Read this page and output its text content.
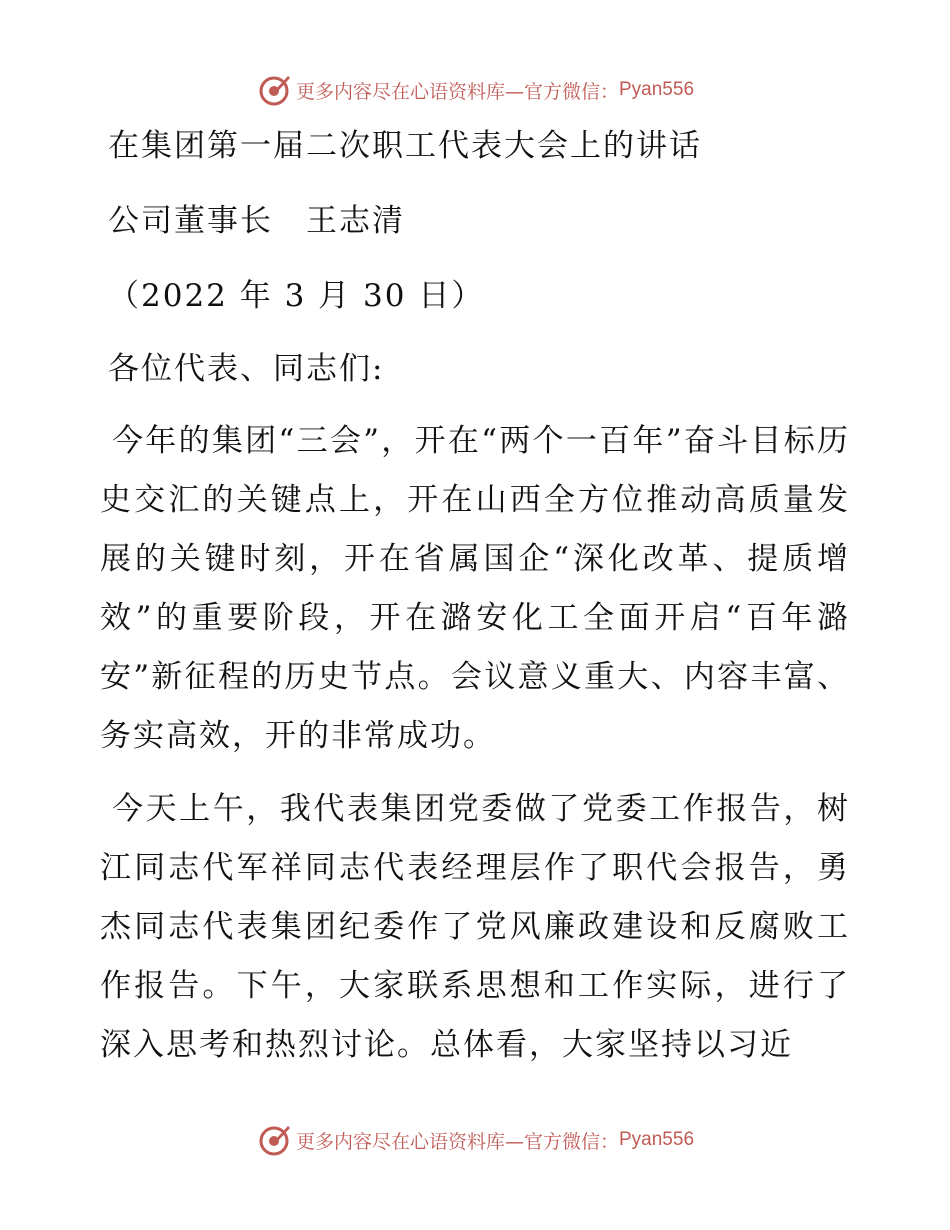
更多内容尽在心语资料库—官方微信： Pyan556
在集团第一届二次职工代表大会上的讲话
公司董事长　王志清
（2022 年 3 月 30 日）
各位代表、同志们:

今年的集团“三会”，开在“两个一百年”奋斗目标历史交汇的关键点上，开在山西全方位推动高质量发展的关键时刻，开在省属国企“深化改革、提质增效”的重要阶段，开在潞安化工全面开启“百年潞安”新征程的历史节点。会议意义重大、内容丰富、务实高效，开的非常成功。

今天上午，我代表集团党委做了党委工作报告，树江同志代军祥同志代表经理层作了职代会报告，勇杰同志代表集团纪委作了党风廉政建设和反腐败工作报告。下午，大家联系思想和工作实际，进行了深入思考和热烈讨论。总体看，大家坚持以习近

更多内容尽在心语资料库—官方微信： Pyan556
